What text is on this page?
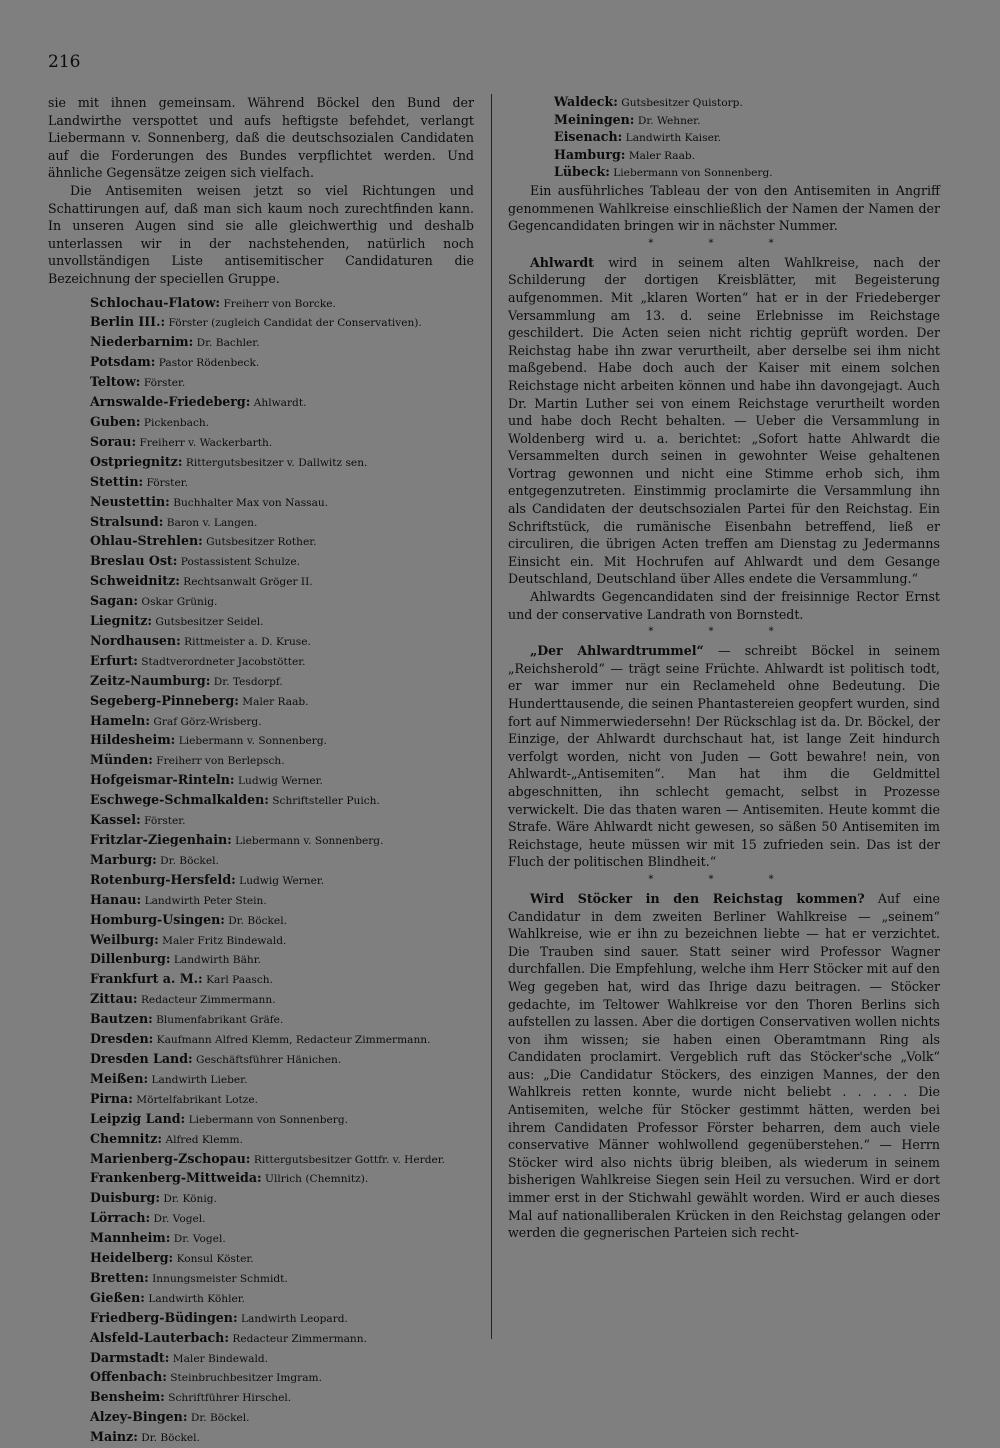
216

sie mit ihnen gemeinsam. Während Böckel den Bund der Landwirthe verspottet und aufs heftigste befehdet, verlangt Liebermann v. Sonnenberg, daß die deutschsozialen Candidaten auf die Forderungen des Bundes verpflichtet werden. Und ähnliche Gegensätze zeigen sich vielfach.

Die Antisemiten weisen jetzt so viel Richtungen und Schattirungen auf, daß man sich kaum noch zurechtfinden kann. In unseren Augen sind sie alle gleichwerthig und deshalb unterlassen wir in der nachstehenden, natürlich noch unvollständigen Liste antisemitischer Candidaturen die Bezeichnung der speciellen Gruppe.

Schlochau-Flatow: Freiherr von Borcke.
Berlin III.: Förster (zugleich Candidat der Conservativen).
Niederbarnim: Dr. Bachler.
Potsdam: Pastor Rödenbeck.
Teltow: Förster.
Arnswalde-Friedeberg: Ahlwardt.
Guben: Pickenbach.
Sorau: Freiherr v. Wackerbarth.
Ostpriegnitz: Rittergutsbesitzer v. Dallwitz sen.
Stettin: Förster.
Neustettin: Buchhalter Max von Nassau.
Stralsund: Baron v. Langen.
Ohlau-Strehlen: Gutsbesitzer Rother.
Breslau Ost: Postassistent Schulze.
Schweidnitz: Rechtsanwalt Gröger II.
Sagan: Oskar Grünig.
Liegnitz: Gutsbesitzer Seidel.
Nordhausen: Rittmeister a. D. Kruse.
Erfurt: Stadtverordneter Jacobstötter.
Zeitz-Naumburg: Dr. Tesdorpf.
Segeberg-Pinneberg: Maler Raab.
Hameln: Graf Görz-Wrisberg.
Hildesheim: Liebermann v. Sonnenberg.
Münden: Freiherr von Berlepsch.
Hofgeismar-Rinteln: Ludwig Werner.
Eschwege-Schmalkalden: Schriftsteller Puich.
Kassel: Förster.
Fritzlar-Ziegenhain: Liebermann v. Sonnenberg.
Marburg: Dr. Böckel.
Rotenburg-Hersfeld: Ludwig Werner.
Hanau: Landwirth Peter Stein.
Homburg-Usingen: Dr. Böckel.
Weilburg: Maler Fritz Bindewald.
Dillenburg: Landwirth Bähr.
Frankfurt a. M.: Karl Paasch.
Zittau: Redacteur Zimmermann.
Bautzen: Blumenfabrikant Gräfe.
Dresden: Kaufmann Alfred Klemm, Redacteur Zimmermann.
Dresden Land: Geschäftsführer Hänichen.
Meißen: Landwirth Lieber.
Pirna: Mörtelfabrikant Lotze.
Leipzig Land: Liebermann von Sonnenberg.
Chemnitz: Alfred Klemm.
Marienberg-Zschopau: Rittergutsbesitzer Gottfr. v. Herder.
Frankenberg-Mittweida: Ullrich (Chemnitz).
Duisburg: Dr. König.
Lörrach: Dr. Vogel.
Mannheim: Dr. Vogel.
Heidelberg: Konsul Köster.
Bretten: Innungsmeister Schmidt.
Gießen: Landwirth Köhler.
Friedberg-Büdingen: Landwirth Leopard.
Alsfeld-Lauterbach: Redacteur Zimmermann.
Darmstadt: Maler Bindewald.
Offenbach: Steinbruchbesitzer Imgram.
Bensheim: Schriftführer Hirschel.
Alzey-Bingen: Dr. Böckel.
Mainz: Dr. Böckel.
Waldeck: Gutsbesitzer Quistorp.
Meiningen: Dr. Wehner.
Eisenach: Landwirth Kaiser.
Hamburg: Maler Raab.
Lübeck: Liebermann von Sonnenberg.

Ein ausführliches Tableau der von den Antisemiten in Angriff genommenen Wahlkreise einschließlich der Namen der Namen der Gegencandidaten bringen wir in nächster Nummer.

* * *

Ahlwardt wird in seinem alten Wahlkreise, nach der Schilderung der dortigen Kreisblätter, mit Begeisterung aufgenommen. Mit „klaren Worten“ hat er in der Friedeberger Versammlung am 13. d. seine Erlebnisse im Reichstage geschildert. Die Acten seien nicht richtig geprüft worden. Der Reichstag habe ihn zwar verurtheilt, aber derselbe sei ihm nicht maßgebend. Habe doch auch der Kaiser mit einem solchen Reichstage nicht arbeiten können und habe ihn davongejagt. Auch Dr. Martin Luther sei von einem Reichstage verurtheilt worden und habe doch Recht behalten. — Ueber die Versammlung in Woldenberg wird u. a. berichtet: „Sofort hatte Ahlwardt die Versammelten durch seinen in gewohnter Weise gehaltenen Vortrag gewonnen und nicht eine Stimme erhob sich, ihm entgegenzutreten. Einstimmig proclamirte die Versammlung ihn als Candidaten der deutschsozialen Partei für den Reichstag. Ein Schriftstück, die rumänische Eisenbahn betreffend, ließ er circuliren, die übrigen Acten treffen am Dienstag zu Jedermanns Einsicht ein. Mit Hochrufen auf Ahlwardt und dem Gesange Deutschland, Deutschland über Alles endete die Versammlung.“

Ahlwardts Gegencandidaten sind der freisinnige Rector Ernst und der conservative Landrath von Bornstedt.

* * *

„Der Ahlwardtrummel“ — schreibt Böckel in seinem „Reichsherold“ — trägt seine Früchte. Ahlwardt ist politisch todt, er war immer nur ein Reclameheld ohne Bedeutung. Die Hunderttausende, die seinen Phantastereien geopfert wurden, sind fort auf Nimmerwiedersehn! Der Rückschlag ist da. Dr. Böckel, der Einzige, der Ahlwardt durchschaut hat, ist lange Zeit hindurch verfolgt worden, nicht von Juden — Gott bewahre! nein, von Ahlwardt-„Antisemiten“. Man hat ihm die Geldmittel abgeschnitten, ihn schlecht gemacht, selbst in Prozesse verwickelt. Die das thaten waren — Antisemiten. Heute kommt die Strafe. Wäre Ahlwardt nicht gewesen, so säßen 50 Antisemiten im Reichstage, heute müssen wir mit 15 zufrieden sein. Das ist der Fluch der politischen Blindheit.“

* * *

Wird Stöcker in den Reichstag kommen? Auf eine Candidatur in dem zweiten Berliner Wahlkreise — „seinem“ Wahlkreise, wie er ihn zu bezeichnen liebte — hat er verzichtet. Die Trauben sind sauer. Statt seiner wird Professor Wagner durchfallen. Die Empfehlung, welche ihm Herr Stöcker mit auf den Weg gegeben hat, wird das Ihrige dazu beitragen. — Stöcker gedachte, im Teltower Wahlkreise vor den Thoren Berlins sich aufstellen zu lassen. Aber die dortigen Conservativen wollen nichts von ihm wissen; sie haben einen Oberamtmann Ring als Candidaten proclamirt. Vergeblich ruft das Stöcker'sche „Volk“ aus: „Die Candidatur Stöckers, des einzigen Mannes, der den Wahlkreis retten konnte, wurde nicht beliebt . . . . . Die Antisemiten, welche für Stöcker gestimmt hätten, werden bei ihrem Candidaten Professor Förster beharren, dem auch viele conservative Männer wohlwollend gegenüberstehen.“ — Herrn Stöcker wird also nichts übrig bleiben, als wiederum in seinem bisherigen Wahlkreise Siegen sein Heil zu versuchen. Wird er dort immer erst in der Stichwahl gewählt worden. Wird er auch dieses Mal auf nationalliberalen Krücken in den Reichstag gelangen oder werden die gegnerischen Parteien sich recht-
